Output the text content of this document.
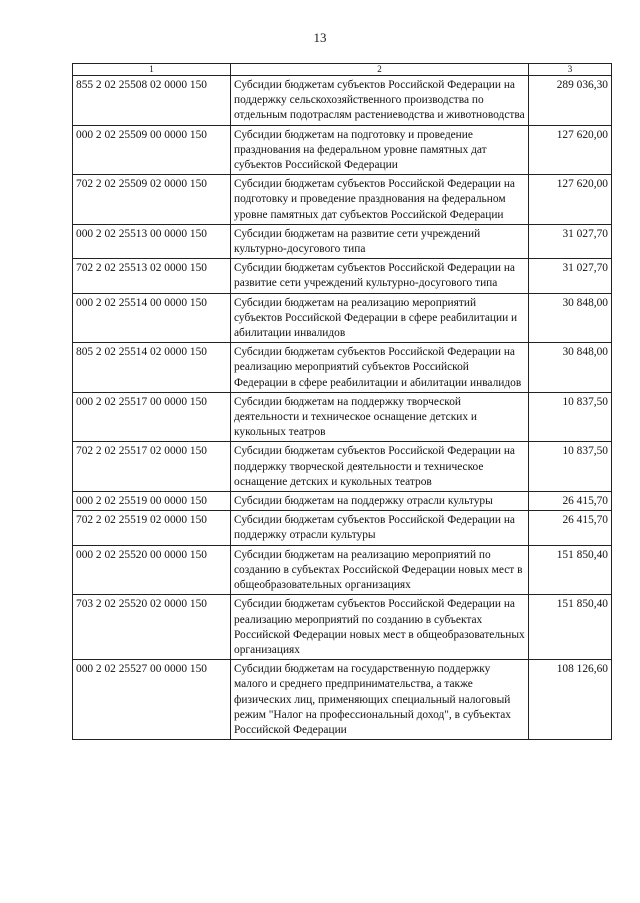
13
1	2	3
855 2 02 25508 02 0000 150	Субсидии бюджетам субъектов Российской Федерации на поддержку сельскохозяйственного производства по отдельным подотраслям растениеводства и животноводства	289 036,30
000 2 02 25509 00 0000 150	Субсидии бюджетам на подготовку и проведение празднования на федеральном уровне памятных дат субъектов Российской Федерации	127 620,00
702 2 02 25509 02 0000 150	Субсидии бюджетам субъектов Российской Федерации на подготовку и проведение празднования на федеральном уровне памятных дат субъектов Российской Федерации	127 620,00
000 2 02 25513 00 0000 150	Субсидии бюджетам на развитие сети учреждений культурно-досугового типа	31 027,70
702 2 02 25513 02 0000 150	Субсидии бюджетам субъектов Российской Федерации на развитие сети учреждений культурно-досугового типа	31 027,70
000 2 02 25514 00 0000 150	Субсидии бюджетам на реализацию мероприятий субъектов Российской Федерации в сфере реабилитации и абилитации инвалидов	30 848,00
805 2 02 25514 02 0000 150	Субсидии бюджетам субъектов Российской Федерации на реализацию мероприятий субъектов Российской Федерации в сфере реабилитации и абилитации инвалидов	30 848,00
000 2 02 25517 00 0000 150	Субсидии бюджетам на поддержку творческой деятельности и техническое оснащение детских и кукольных театров	10 837,50
702 2 02 25517 02 0000 150	Субсидии бюджетам субъектов Российской Федерации на поддержку творческой деятельности и техническое оснащение детских и кукольных театров	10 837,50
000 2 02 25519 00 0000 150	Субсидии бюджетам на поддержку отрасли культуры	26 415,70
702 2 02 25519 02 0000 150	Субсидии бюджетам субъектов Российской Федерации на поддержку отрасли культуры	26 415,70
000 2 02 25520 00 0000 150	Субсидии бюджетам на реализацию мероприятий по созданию в субъектах Российской Федерации новых мест в общеобразовательных организациях	151 850,40
703 2 02 25520 02 0000 150	Субсидии бюджетам субъектов Российской Федерации на реализацию мероприятий по созданию в субъектах Российской Федерации новых мест в общеобразовательных организациях	151 850,40
000 2 02 25527 00 0000 150	Субсидии бюджетам на государственную поддержку малого и среднего предпринимательства, а также физических лиц, применяющих специальный налоговый режим "Налог на профессиональный доход", в субъектах Российской Федерации	108 126,60
